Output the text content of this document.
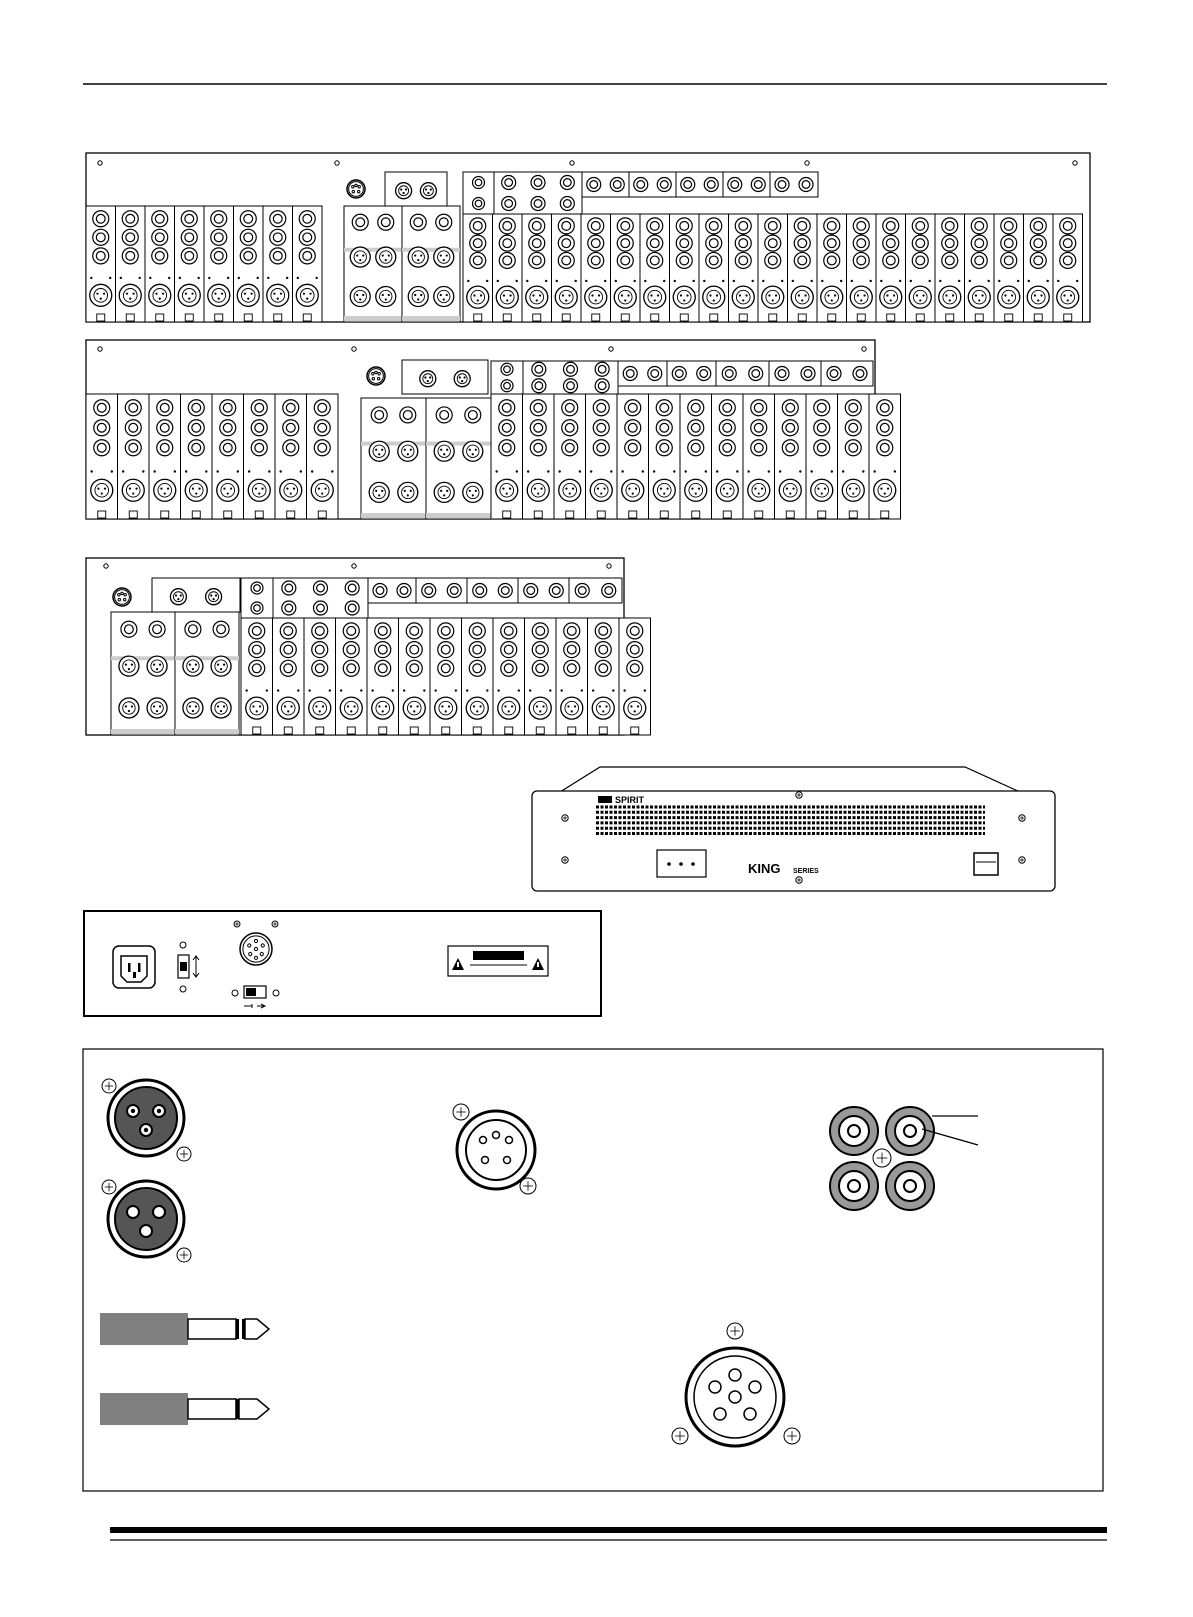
SPIRIT
KING SERIES
